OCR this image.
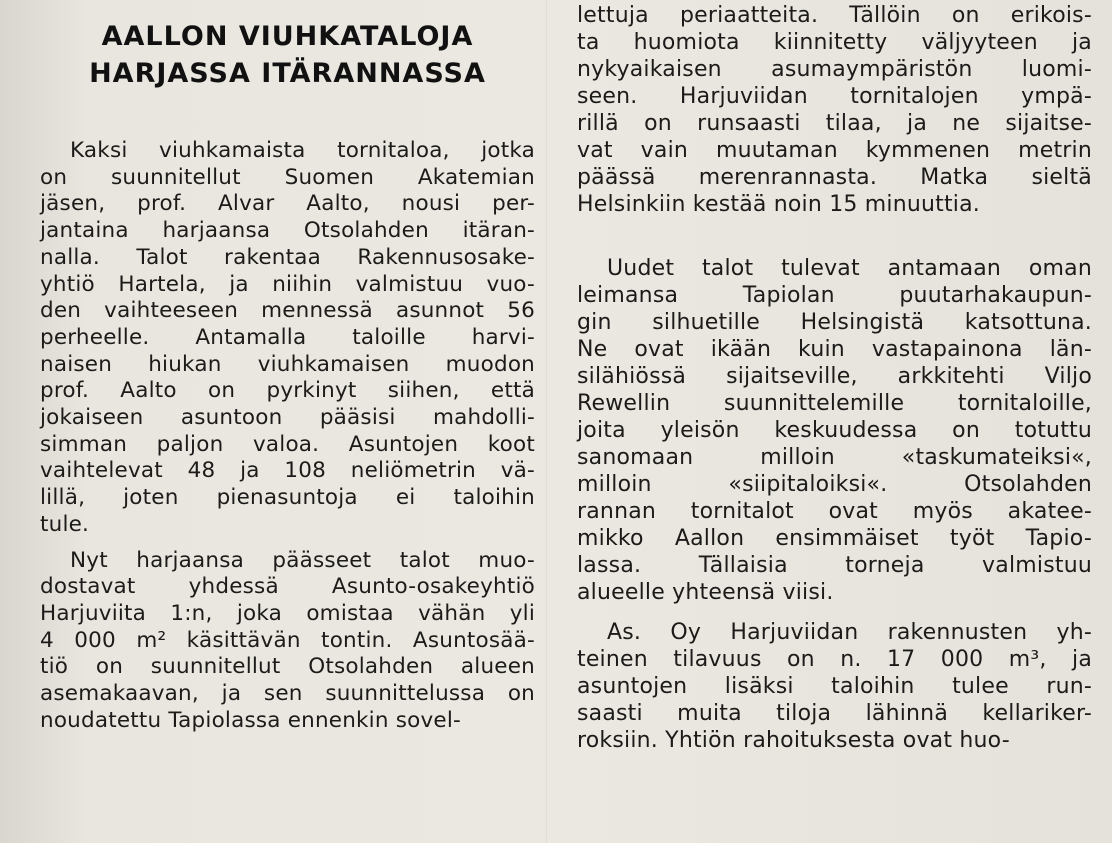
AALLON VIUHKATALOJA
HARJASSA ITÄRANNASSA

Kaksi viuhkamaista tornitaloa, jotka
on suunnitellut Suomen Akatemian
jäsen, prof. Alvar Aalto, nousi per-
jantaina harjaansa Otsolahden itäran-
nalla. Talot rakentaa Rakennusosake-
yhtiö Hartela, ja niihin valmistuu vuo-
den vaihteeseen mennessä asunnot 56
perheelle. Antamalla taloille harvi-
naisen hiukan viuhkamaisen muodon
prof. Aalto on pyrkinyt siihen, että
jokaiseen asuntoon pääsisi mahdolli-
simman paljon valoa. Asuntojen koot
vaihtelevat 48 ja 108 neliömetrin vä-
lillä, joten pienasuntoja ei taloihin
tule.

Nyt harjaansa päässeet talot muo-
dostavat yhdessä Asunto-osakeyhtiö
Harjuviita 1:n, joka omistaa vähän yli
4 000 m² käsittävän tontin. Asuntosää-
tiö on suunnitellut Otsolahden alueen
asemakaavan, ja sen suunnittelussa on
noudatettu Tapiolassa ennenkin sovel-

lettuja periaatteita. Tällöin on erikois-
ta huomiota kiinnitetty väljyyteen ja
nykyaikaisen asumaympäristön luomi-
seen. Harjuviidan tornitalojen ympä-
rillä on runsaasti tilaa, ja ne sijaitse-
vat vain muutaman kymmenen metrin
päässä merenrannasta. Matka sieltä
Helsinkiin kestää noin 15 minuuttia.

Uudet talot tulevat antamaan oman
leimansa Tapiolan puutarhakaupun-
gin silhuetille Helsingistä katsottuna.
Ne ovat ikään kuin vastapainona län-
silähiössä sijaitseville, arkkitehti Viljo
Rewellin suunnittelemille tornitaloille,
joita yleisön keskuudessa on totuttu
sanomaan milloin «taskumateiksi«,
milloin «siipitaloiksi«. Otsolahden
rannan tornitalot ovat myös akatee-
mikko Aallon ensimmäiset työt Tapio-
lassa. Tällaisia torneja valmistuu
alueelle yhteensä viisi.

As. Oy Harjuviidan rakennusten yh-
teinen tilavuus on n. 17 000 m³, ja
asuntojen lisäksi taloihin tulee run-
saasti muita tiloja lähinnä kellariker-
roksiin. Yhtiön rahoituksesta ovat huo-
